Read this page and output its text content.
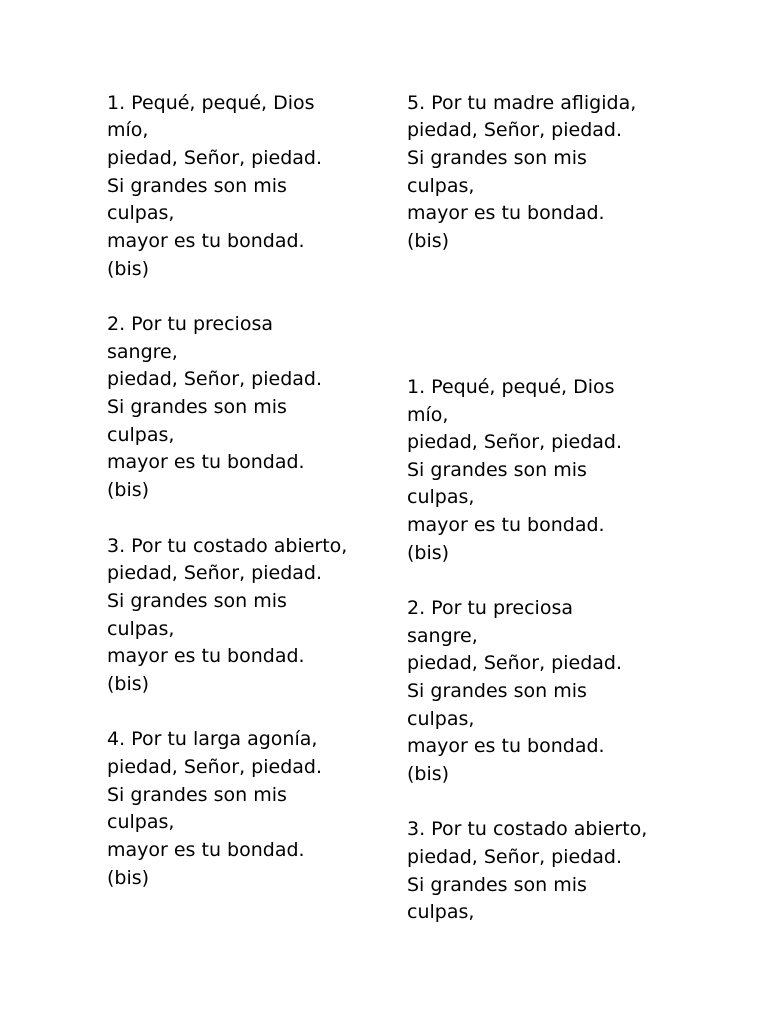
1. Pequé, pequé, Dios
mío,
piedad, Señor, piedad.
Si grandes son mis
culpas,
mayor es tu bondad.
(bis)
2. Por tu preciosa
sangre,
piedad, Señor, piedad.
Si grandes son mis
culpas,
mayor es tu bondad.
(bis)
3. Por tu costado abierto,
piedad, Señor, piedad.
Si grandes son mis
culpas,
mayor es tu bondad.
(bis)
4. Por tu larga agonía,
piedad, Señor, piedad.
Si grandes son mis
culpas,
mayor es tu bondad.
(bis)
5. Por tu madre afligida,
piedad, Señor, piedad.
Si grandes son mis
culpas,
mayor es tu bondad.
(bis)
1. Pequé, pequé, Dios
mío,
piedad, Señor, piedad.
Si grandes son mis
culpas,
mayor es tu bondad.
(bis)
2. Por tu preciosa
sangre,
piedad, Señor, piedad.
Si grandes son mis
culpas,
mayor es tu bondad.
(bis)
3. Por tu costado abierto,
piedad, Señor, piedad.
Si grandes son mis
culpas,
